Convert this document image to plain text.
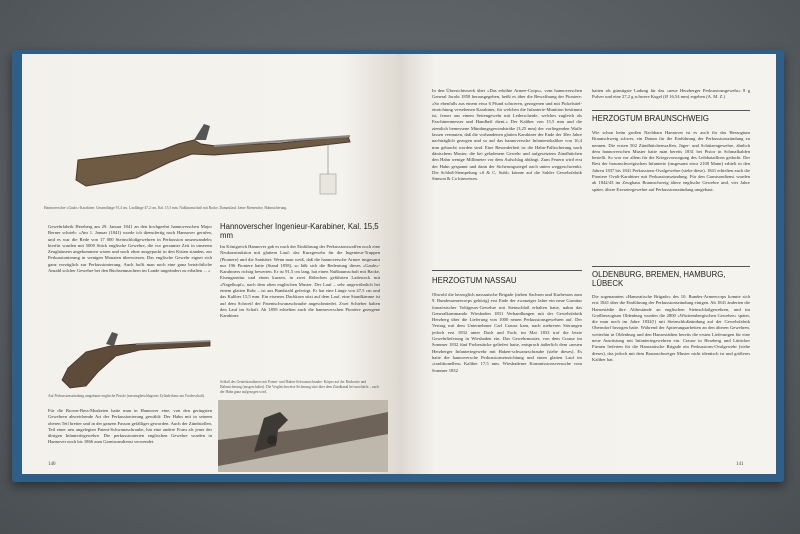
Hannoverscher »Gaule«-Karabiner. Gesamtlänge 91,4 cm, Lauflänge 47,2 cm, Kal. 15,5 mm. Nußbaumschaft mit Backe, Damastlauf, keine Riemenöse, Hahnsicherung.
Gewehrfabrik Herzberg am 29. Januar 1841 an den hochgeehrt hannoverschen Major Berner schrieb: »Am 1. Januar (1841) wurde ich dienstfertig nach Hannover gerufen, und es war die Rede von 17 000 Steinschloßgewehren in Perkussion umzuwandeln; hierfür wurden mit 5000 Stück englische Gewehre, die vor geraumer Zeit in unserem Zeughäusern angekommen waren und noch ohne ausgepackt in den Kisten standen, zur Perkussionierung in wenigen Monaten überwiesen. Das englische Gewehr eignet sich ganz vorzüglich zur Perkussionierung. Auch hofft man noch eine ganz beträchtliche Anzahl solcher Gewehre bei den Büchsenmachern im Lande ungeändert zu erhalten ... «
Auf Perkussionszündung umgebaute englische Pistole (messingbeschlagenes Zylinderhaus am Vorderschaft).
Für die Brown-Bess-Musketen hatte man in Hannover eine, von den geringsten Gewehren abweichende Art der Perkussionierung gewählt: Der Hahn mit in seinem oberen Teil breiter und in der ganzen Fasson gefälliger geworden. Auch der Zündstollen, Teil einer neu angelegten Patent-Schwanzschraube, hat eine andere Form als jener der übrigen Infanteriegewehre. Die perkussionierten englischen Gewehre wurden in Hannover noch bis 1866 zum Garnisonsdienst verwendet.
Hannoverscher Ingenieur-Karabiner, Kal. 15,5 mm
Im Königreich Hannover gab es nach der Einführung der Perkussionswaffen noch eine Neukonstruktion mit glattem Lauf: das Kurzgewehr für die Ingenieur-Truppen (Pioniere) und die Sanitäter. Wenn man weiß, daß die hannoversche Armee insgesamt nur 196 Pioniere hatte (Stand 1858), so läßt sich die Bedeutung dieses »Gaule«-Karabiners richtig bewerten. Er ist 91,5 cm lang, hat einen Nußbaumschaft mit Backe, Eisengarnitur und einen kurzen, in zwei Röhrchen geführten Ladestock mit »Nagelkopf«, nach dem alten englischen Muster. Der Lauf – sehr ungewöhnlich bei einem glatten Rohr – ist aus Bandstahl gefertigt. Er hat eine Länge von 47,5 cm und das Kaliber 15,5 mm. Ein eisernes Dachkorn sitzt auf dem Lauf, eine Standkimme ist auf dem Schweif der Patentschwanzschraube angeschmiedet. Zwei Schieber halten den Lauf im Schaft. Ab 1858 erhielten auch die hannoverschen Pioniere gezogene Karabiner.
Schloß des Genieskarabiners mit Patent- und Haken-Schwanzschraube. Körper auf der Rückseite und Hahnsicherung (ausgeschaltet). Die Vergleichsweise Sicherung sitzt über dem Zündkanal bei unschärfe – nach der Hahn ganz aufgezogen wird.
140
In den Übersichtswerk über »Das erhöhte Armee-Corps«, vom hannoverschen General Jacobi 1858 herausgegeben, heißt es über die Bewaffnung der Pioniere: »So ebenfalls aus einem etwa 6 Pfund schweren, gezogenen und mit Pickelstiel-einrichtung versehenen Karabiner, für welchen die Infanterie-Munition bestimmt ist, ferner aus einem Seitengewehr mit Lederscheide, welches zugleich als Faschinenmesser und Handbeil dient.« Der Kaliber von 15,5 mm und die ziemlich bemessene Mündungsgewindsträke (3,25 mm) der vorliegenden Waffe lassen vermuten, daß die vorhandenen glatten Karabiner der Ende der 30er Jahre nachträglich gezogen und so auf das hannoversche Infanteriekaliber von 16,4 mm gebracht worden sind. Eine Besonderheit ist die Hahn-Fallsicherung nach dänischem Muster, die bei geladenem Gewehr und aufgesetztem Zündhütchen den Hahn wenige Millimeter vor dem Aufschlag abfängt. Zum Feuern wird erst der Hahn gespannt und dann der Sicherungsriegel nach unten weggeschwenkt. Die Schloß-Stempelung »S & C, Suhl« könnte auf die Suhler Gewehrfabrik Simson & Co hinweisen.
HERZOGTUM NASSAU
Obwohl die herzoglich nassauische Brigade (neben Sachsen und Kurhessen zum 9. Bundesarmeecorps gehörig) erst Ende der zwanziger Jahre ein neue Garnitur französischer Voltigeurs-Gewehre mit Steinschloß erhalten hatte, nahm das Generalkommando Wiesbaden 1831 Verhandlungen mit der Gewehrfabrik Herzberg über die Lieferung von 1000 neuen Perkussionsgewehren auf. Der Vertrag mit dem Unternehmer Carl Crause kam, nach mehreren Störungen jedoch erst 1832 unter Dach und Fach; im Mai 1833 traf die letzte Gewehrlieferung in Wiesbaden ein. Das Gewehrmuster, von dem Crause im Sommer 1832 fünf Probestücke geliefert hatte, entsprach äußerlich dem »neuen Herzberger Infanteriegewehr mit Haken-schwanzschraube (siehe dieses). Es hatte die hannoversche Perkussionseinrichtung und einen glatten Lauf im »traditionellen« Kaliber 17,5 mm. Wiesbadener Kommissionsversuche vom Sommer 1832
hatten als günstigste Ladung für das »neue Herzberger Perkussionsgewehr« 8 g Pulver und eine 27,2 g schwere Kugel (Ø 16,54 mm) ergeben (A. M. Z.)
HERZOGTUM BRAUNSCHWEIG
Wie schon beim großen Nachbarn Hannover ist es auch für das Herzogtum Braunschweig schwer, ein Datum für die Einführung der Perkussionszündung zu nennen. Die ersten 502 Zündhütchenwaffen, Jäger- und Schützengewehre, ähnlich dem hannoverschen Muster hatte man bereits 1831 bei Pistor in Schmalkalden bestellt. So war vor allem für die Kriegsvorsorgung des Leibbataillons gedacht. Der Rest der braunschweigischen Infanterie (insgesamt etwa 2100 Mann) erhielt in den Jahren 1837 bis 1841 Perkussions-Ovalgewehre (siehe diese). 1841 erhielten auch die Pioniere Ovalt-Karabiner mit Perkussionszündung. Für den Garnisondienst wurden ab 1842/43 im Zeughaus Braunschweig ältere englische Gewehre und, vier Jahre später, ältere Exerziergewehre auf Perkussionszündung umgebaut.
OLDENBURG, BREMEN, HAMBURG, LÜBECK
Die sogenannten »Hanseatische Brigade« des 10. Bundes-Armeecorps konnte sich erst 1841 über die Einführung der Perkussionszündung einigen. Ab 1841 änderten die Hansestädte ihre Altbestände an englischen Steinschloßgewehren, und im Großherzogtum Oldenburg wurden die 2800 »Württembergischen Gewehre« später, die man noch im Jahre 1832(!) mit Steinschloßzündung auf der Gewehrfabrik Oberndorf bezogen hatte. Während der Aptierungsarbeiten an den älteren Gewehren, weiterhin in Oldenburg und den Hansestädten bereits die ersten Lieferungen für eine neue Ausrüstung mit Infanteriegewehren ein. Crause in Herzberg und Lütticher Firmen lieferten für die Hanseatische Brigade ein Perkussions-Ovalgewehr (siehe dieses), das jedoch mit dem Braunschweiger Muster nicht identisch ist und größeres Kaliber hat.
141
